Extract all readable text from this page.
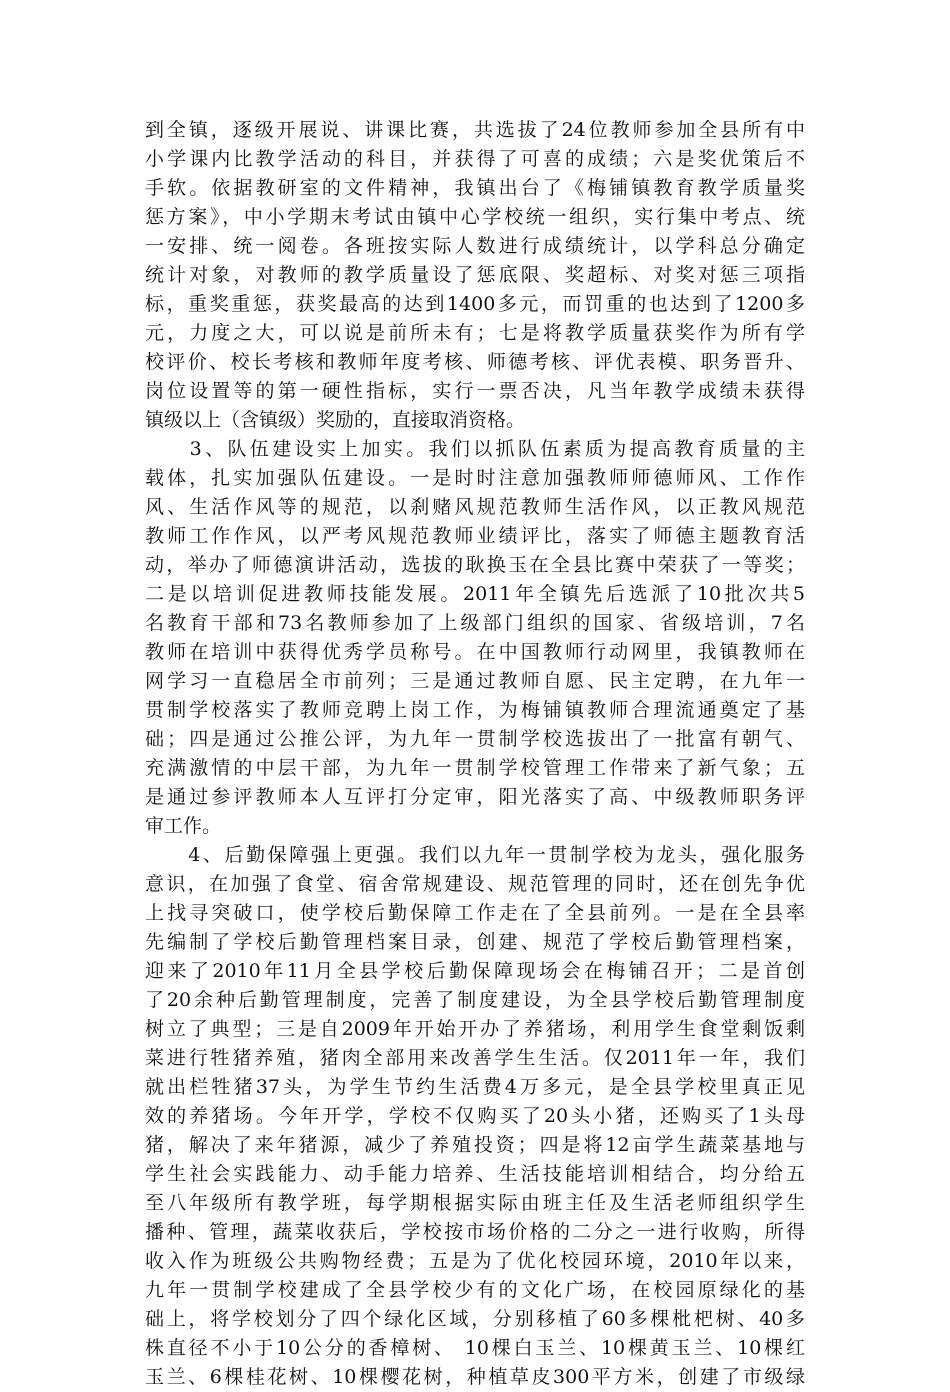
到全镇，逐级开展说、讲课比赛，共选拔了24位教师参加全县所有中
小学课内比教学活动的科目，并获得了可喜的成绩；六是奖优策后不
手软。依据教研室的文件精神，我镇出台了《梅铺镇教育教学质量奖
惩方案》，中小学期末考试由镇中心学校统一组织，实行集中考点、统
一安排、统一阅卷。各班按实际人数进行成绩统计，以学科总分确定
统计对象，对教师的教学质量设了惩底限、奖超标、对奖对惩三项指
标，重奖重惩，获奖最高的达到1400多元，而罚重的也达到了1200多
元，力度之大，可以说是前所未有；七是将教学质量获奖作为所有学
校评价、校长考核和教师年度考核、师德考核、评优表模、职务晋升、
岗位设置等的第一硬性指标，实行一票否决，凡当年教学成绩未获得
镇级以上（含镇级）奖励的，直接取消资格。
　　3、队伍建设实上加实。我们以抓队伍素质为提高教育质量的主
载体，扎实加强队伍建设。一是时时注意加强教师师德师风、工作作
风、生活作风等的规范，以刹赌风规范教师生活作风，以正教风规范
教师工作作风，以严考风规范教师业绩评比，落实了师德主题教育活
动，举办了师德演讲活动，选拔的耿换玉在全县比赛中荣获了一等奖；
二是以培训促进教师技能发展。2011年全镇先后选派了10批次共5
名教育干部和73名教师参加了上级部门组织的国家、省级培训，7名
教师在培训中获得优秀学员称号。在中国教师行动网里，我镇教师在
网学习一直稳居全市前列；三是通过教师自愿、民主定聘，在九年一
贯制学校落实了教师竞聘上岗工作，为梅铺镇教师合理流通奠定了基
础；四是通过公推公评，为九年一贯制学校选拔出了一批富有朝气、
充满激情的中层干部，为九年一贯制学校管理工作带来了新气象；五
是通过参评教师本人互评打分定审，阳光落实了高、中级教师职务评
审工作。
　　4、后勤保障强上更强。我们以九年一贯制学校为龙头，强化服务
意识，在加强了食堂、宿舍常规建设、规范管理的同时，还在创先争优
上找寻突破口，使学校后勤保障工作走在了全县前列。一是在全县率
先编制了学校后勤管理档案目录，创建、规范了学校后勤管理档案，
迎来了2010年11月全县学校后勤保障现场会在梅铺召开；二是首创
了20余种后勤管理制度，完善了制度建设，为全县学校后勤管理制度
树立了典型；三是自2009年开始开办了养猪场，利用学生食堂剩饭剩
菜进行牲猪养殖，猪肉全部用来改善学生生活。仅2011年一年，我们
就出栏牲猪37头，为学生节约生活费4万多元，是全县学校里真正见
效的养猪场。今年开学，学校不仅购买了20头小猪，还购买了1头母
猪，解决了来年猪源，减少了养殖投资；四是将12亩学生蔬菜基地与
学生社会实践能力、动手能力培养、生活技能培训相结合，均分给五
至八年级所有教学班，每学期根据实际由班主任及生活老师组织学生
播种、管理，蔬菜收获后，学校按市场价格的二分之一进行收购，所得
收入作为班级公共购物经费；五是为了优化校园环境，2010年以来，
九年一贯制学校建成了全县学校少有的文化广场，在校园原绿化的基
础上，将学校划分了四个绿化区域，分别移植了60多棵枇杷树、40多
株直径不小于10公分的香樟树、 10棵白玉兰、10棵黄玉兰、10棵红
玉兰、6棵桂花树、10棵樱花树，种植草皮300平方米，创建了市级绿
